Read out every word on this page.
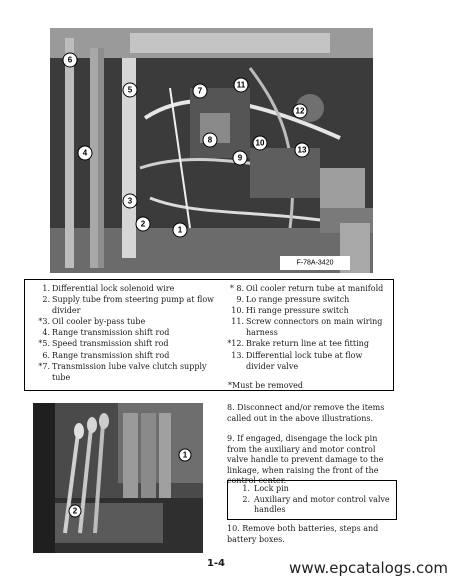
6
5	7
11
12
4
8	10
13
9
3
2
1
F-78A-3420
1. Differential lock solenoid wire
2. Supply tube from steering pump at flow divider
*3. Oil cooler by-pass tube
4. Range transmission shift rod
*5. Speed transmission shift rod
6. Range transmission shift rod
*7. Transmission lube valve clutch supply tube
* 8. Oil cooler return tube at manifold
9. Lo range pressure switch
10. Hi range pressure switch
11. Screw connectors on main wiring harness
*12. Brake return line at tee fitting
13. Differential lock tube at flow divider valve
*Must be removed
1
2
8. Disconnect and/or remove the items called out in the above illustrations.
9. If engaged, disengage the lock pin from the auxiliary and motor control valve handle to prevent damage to the linkage, when raising the front of the control center.
1. Lock pin
2. Auxiliary and motor control valve handles
10. Remove both batteries, steps and battery boxes.
1-4	www.epcatalogs.com
